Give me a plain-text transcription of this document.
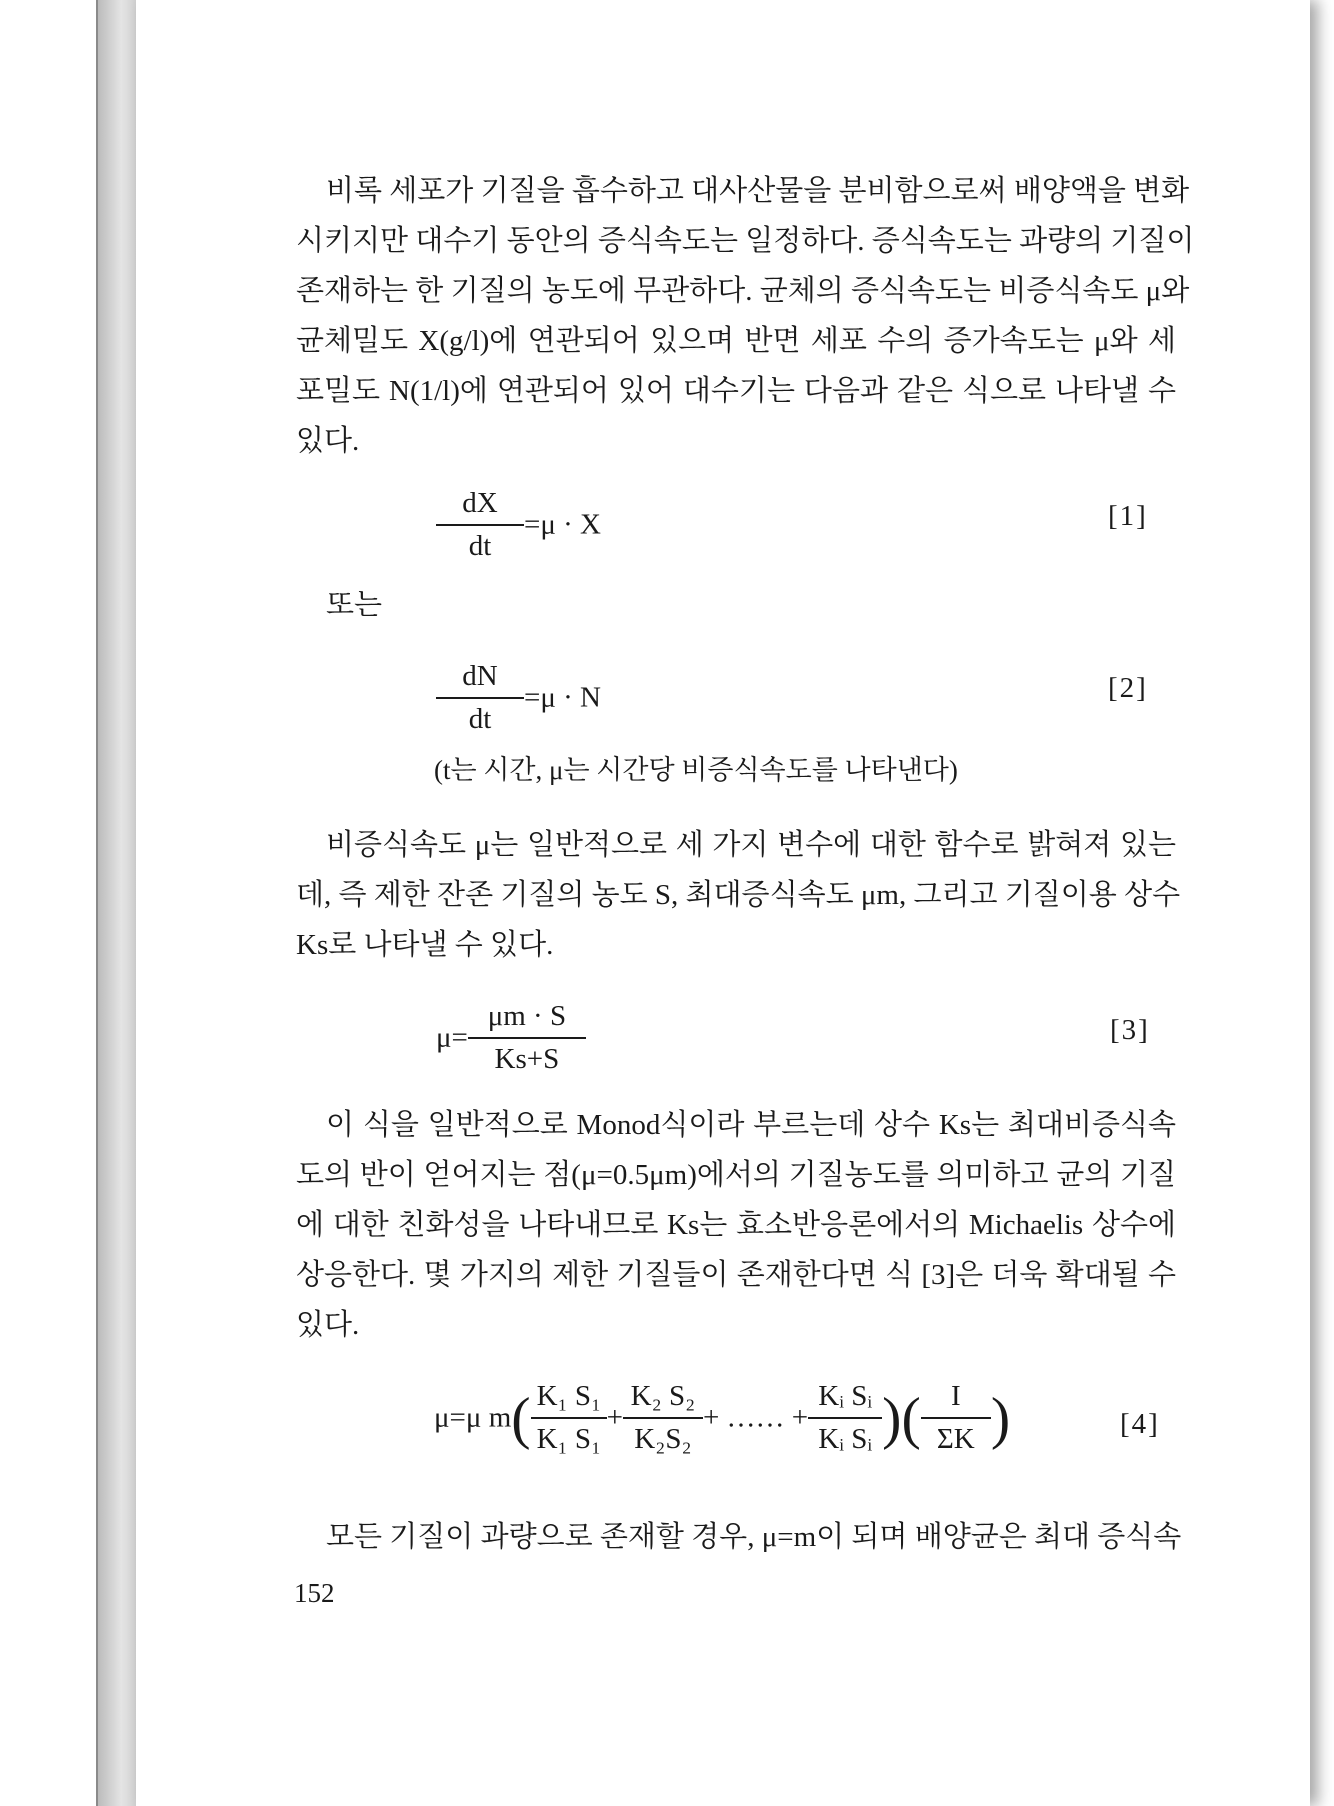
비록 세포가 기질을 흡수하고 대사산물을 분비함으로써 배양액을 변화
시키지만 대수기 동안의 증식속도는 일정하다. 증식속도는 과량의 기질이
존재하는 한 기질의 농도에 무관하다. 균체의 증식속도는 비증식속도 μ와
균체밀도 X(g/l)에 연관되어 있으며 반면 세포 수의 증가속도는 μ와 세
포밀도 N(1/l)에 연관되어 있어 대수기는 다음과 같은 식으로 나타낼 수
있다.
$\frac{dX}{dt} =\mu \cdot X$	[1]
또는
$\frac{dN}{dt} =\mu \cdot N$	[2]
(t는 시간, μ는 시간당 비증식속도를 나타낸다)
비증식속도 μ는 일반적으로 세 가지 변수에 대한 함수로 밝혀져 있는
데, 즉 제한 잔존 기질의 농도 S, 최대증식속도 μm, 그리고 기질이용 상수
Ks로 나타낼 수 있다.
$\mu= \frac{\mu m \cdot S}{Ks+S}$	[3]
이 식을 일반적으로 Monod식이라 부르는데 상수 Ks는 최대비증식속
도의 반이 얻어지는 점(μ=0.5μm)에서의 기질농도를 의미하고 균의 기질
에 대한 친화성을 나타내므로 Ks는 효소반응론에서의 Michaelis 상수에
상응한다. 몇 가지의 제한 기질들이 존재한다면 식 [3]은 더욱 확대될 수
있다.
μ=μ $m( \frac{\text{K₁ S₁}}{\text{K₁ S₁}} + \frac{\text{K₂ S₂}}{\text{K₂S₂}}$ + …… + $\frac{\text{Kᵢ Sᵢ}}{\text{Kᵢ Sᵢ}}$ )( $\frac{I}{\Sigma K}$ )	[4]
모든 기질이 과량으로 존재할 경우, μ=m이 되며 배양균은 최대 증식속
152
